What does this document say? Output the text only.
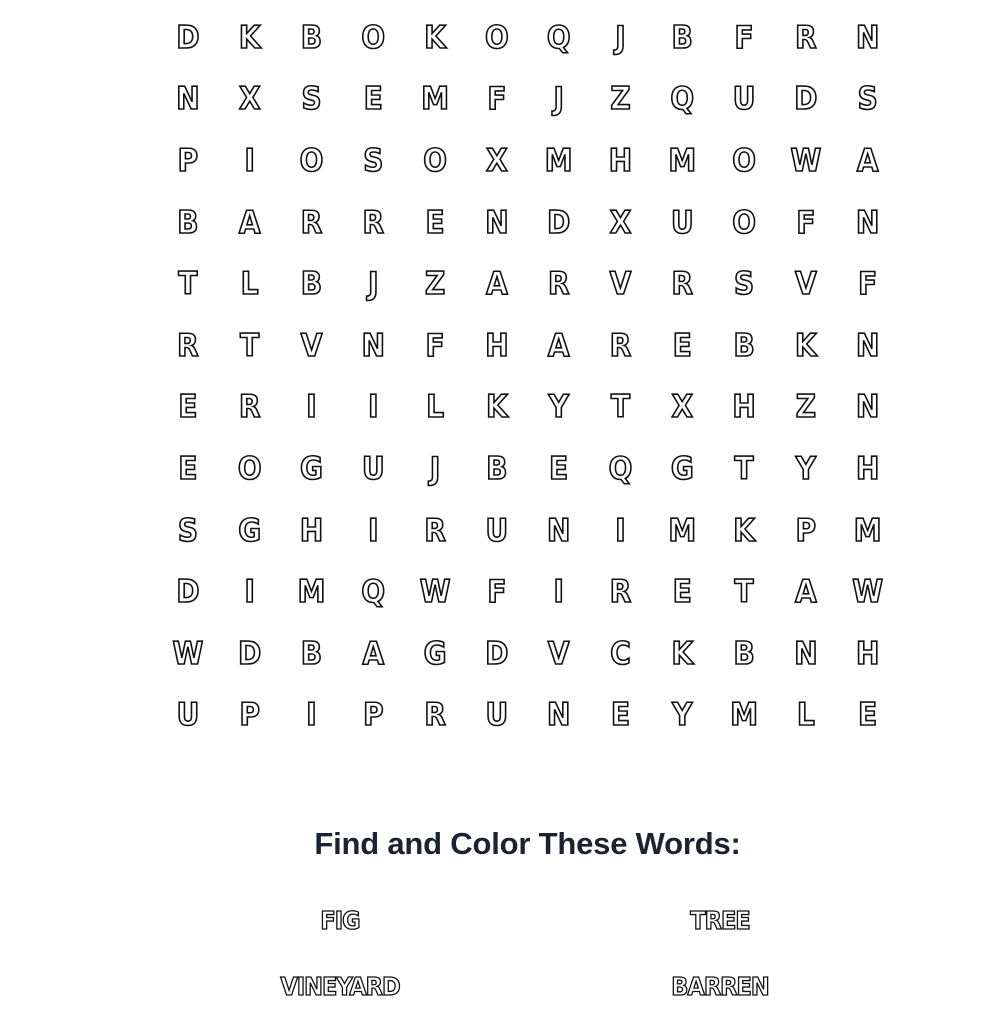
D	K	B	O	K	O	Q	J	B	F	R	N
N	X	S	E	M	F	J	Z	Q	U	D	S
P	I	O	S	O	X	M	H	M	O	W	A
B	A	R	R	E	N	D	X	U	O	F	N
T	L	B	J	Z	A	R	V	R	S	V	F
R	T	V	N	F	H	A	R	E	B	K	N
E	R	I	I	L	K	Y	T	X	H	Z	N
E	O	G	U	J	B	E	Q	G	T	Y	H
S	G	H	I	R	U	N	I	M	K	P	M
D	I	M	Q	W	F	I	R	E	T	A	W
W	D	B	A	G	D	V	C	K	B	N	H
U	P	I	P	R	U	N	E	Y	M	L	E
Find and Color These Words:
FIG	TREE
VINEYARD	BARREN
